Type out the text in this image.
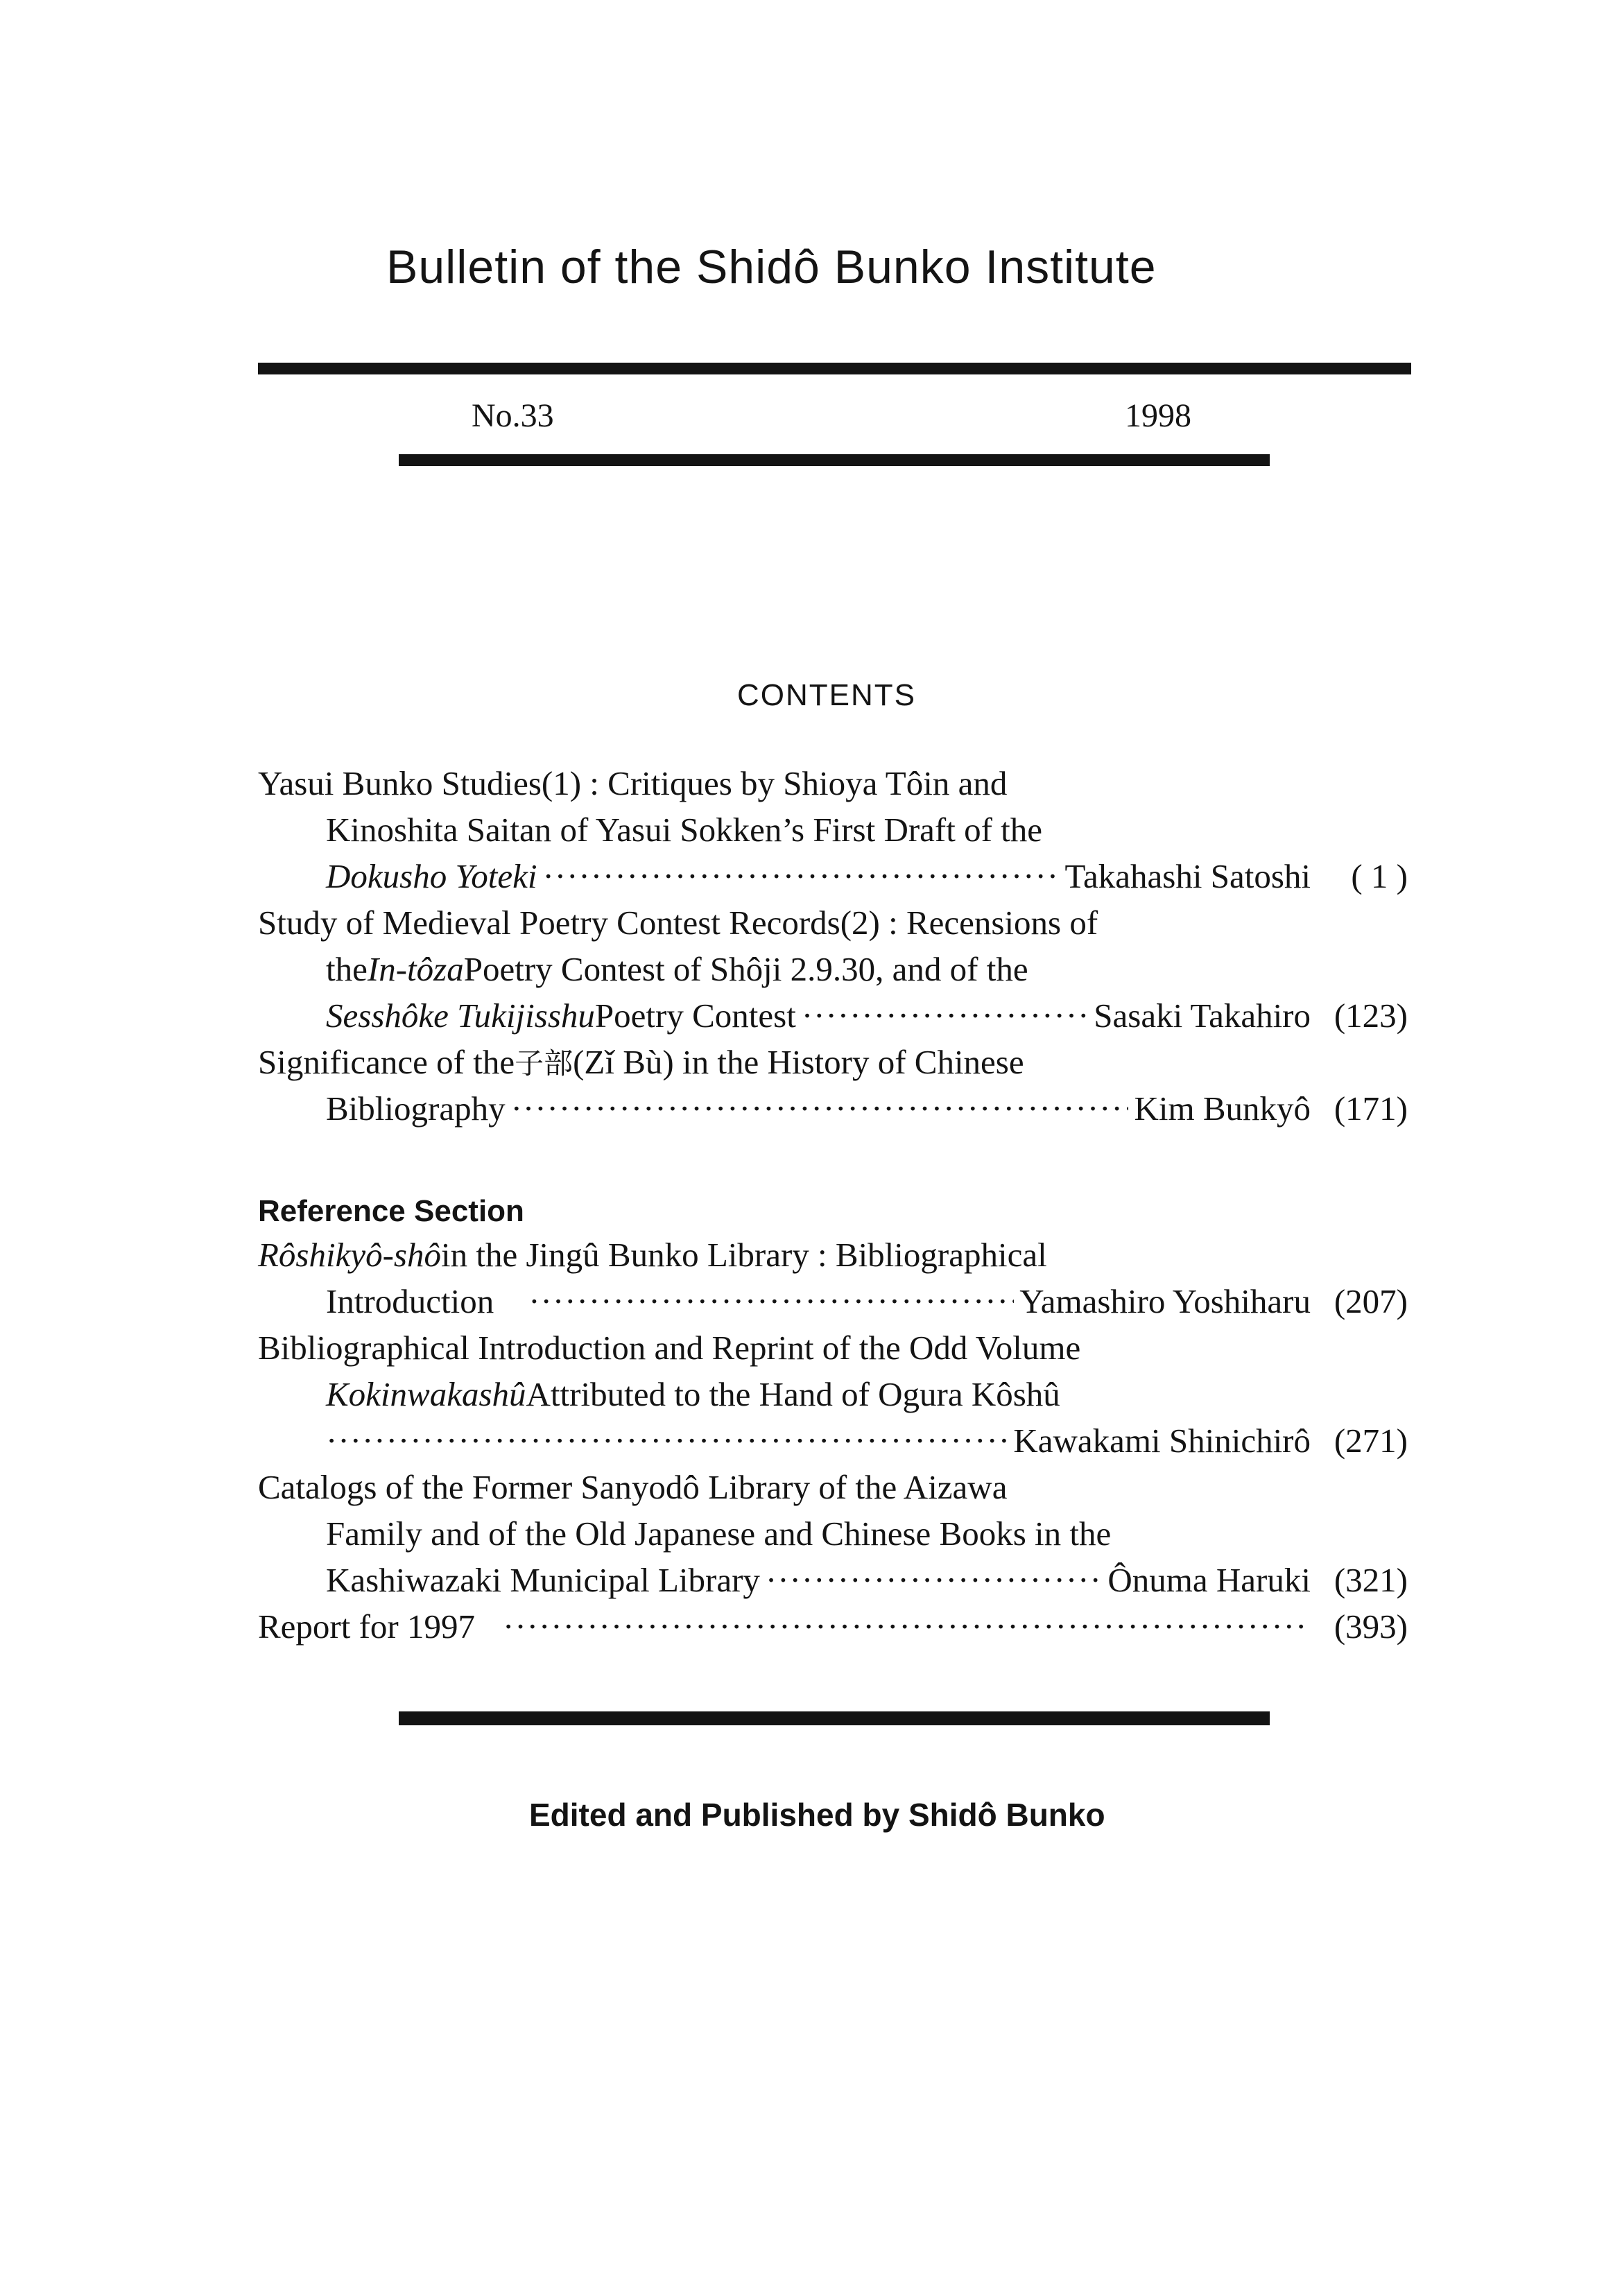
Bulletin of the Shidô Bunko Institute
No.33	1998
CONTENTS
Yasui Bunko Studies(1) : Critiques by Shioya Tôin and
Kinoshita Saitan of Yasui Sokken’s First Draft of the
Dokusho Yoteki ·····	Takahashi Satoshi	( 1 )
Study of Medieval Poetry Contest Records(2) : Recensions of
the In-tôza Poetry Contest of Shôji 2.9.30, and of the
Sesshôke Tukijisshu Poetry Contest ·····	Sasaki Takahiro (123)
Significance of the 子部 (Zǐ Bù) in the History of Chinese
Bibliography ·····	Kim Bunkyô (171)
Reference Section
Rôshikyô-shô in the Jingû Bunko Library : Bibliographical
Introduction ·····	Yamashiro Yoshiharu (207)
Bibliographical Introduction and Reprint of the Odd Volume
Kokinwakashû Attributed to the Hand of Ogura Kôshû
·····
Kawakami Shinichirô (271)
Catalogs of the Former Sanyodô Library of the Aizawa
Family and of the Old Japanese and Chinese Books in the
Kashiwazaki Municipal Library ·····	Ônuma Haruki (321)
Report for 1997 ·····	(393)
Edited and Published by Shidô Bunko
